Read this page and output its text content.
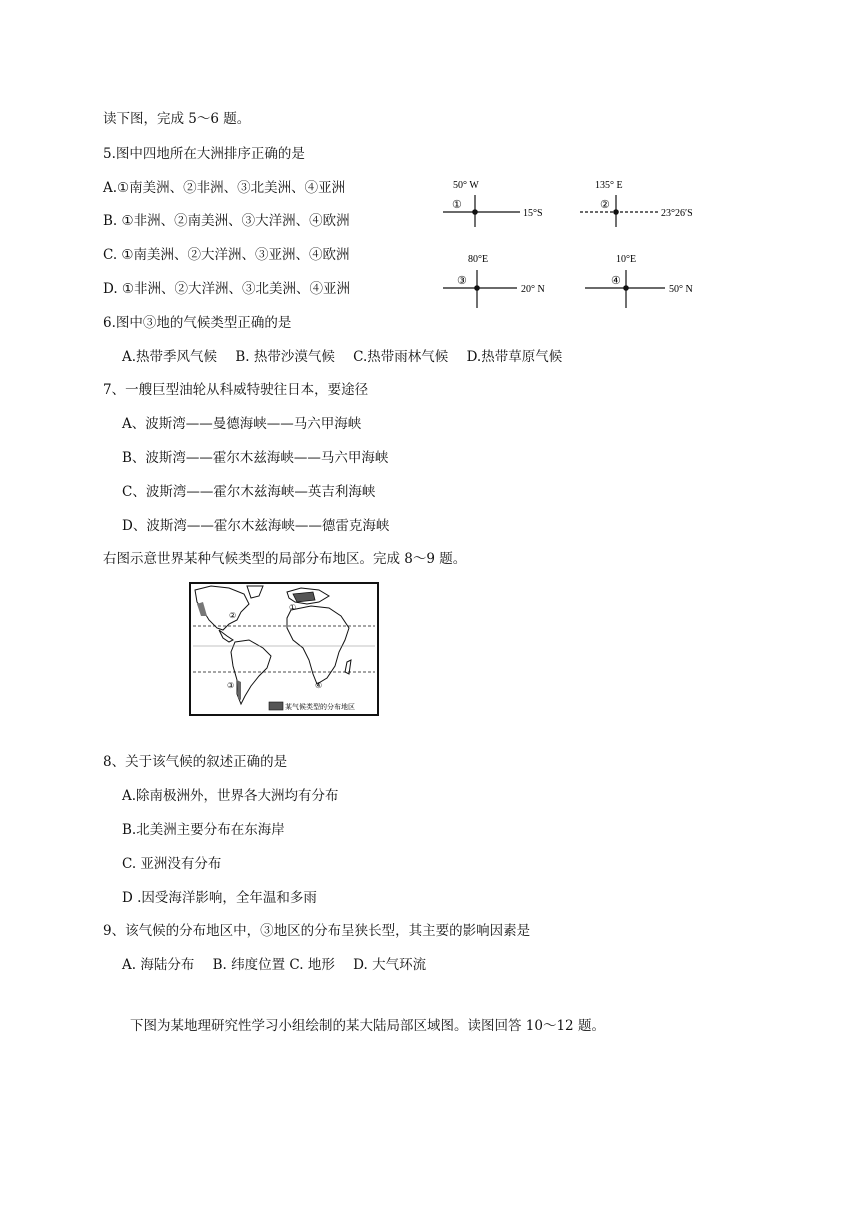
读下图，完成 5～6 题。
5.图中四地所在大洲排序正确的是
A.①南美洲、②非洲、③北美洲、④亚洲
B. ①非洲、②南美洲、③大洋洲、④欧洲
C. ①南美洲、②大洋洲、③亚洲、④欧洲
D. ①非洲、②大洋洲、③北美洲、④亚洲
50° W
①
15°S
135° E
②
23°26′S
80°E
③
20° N
10°E
④
50° N
6.图中③地的气候类型正确的是
A.热带季风气候 B. 热带沙漠气候 C.热带雨林气候 D.热带草原气候
7、一艘巨型油轮从科威特驶往日本，要途径
A、波斯湾——曼德海峡——马六甲海峡
B、波斯湾——霍尔木兹海峡——马六甲海峡
C、波斯湾——霍尔木兹海峡—英吉利海峡
D、波斯湾——霍尔木兹海峡——德雷克海峡
右图示意世界某种气候类型的局部分布地区。完成 8～9 题。
①
②
③	④
某气候类型的分布地区
8、关于该气候的叙述正确的是
A.除南极洲外，世界各大洲均有分布
B.北美洲主要分布在东海岸
C. 亚洲没有分布
D .因受海洋影响，全年温和多雨
9、该气候的分布地区中，③地区的分布呈狭长型，其主要的影响因素是
A. 海陆分布 B. 纬度位置 C. 地形 D. 大气环流
下图为某地理研究性学习小组绘制的某大陆局部区域图。读图回答 10～12 题。
